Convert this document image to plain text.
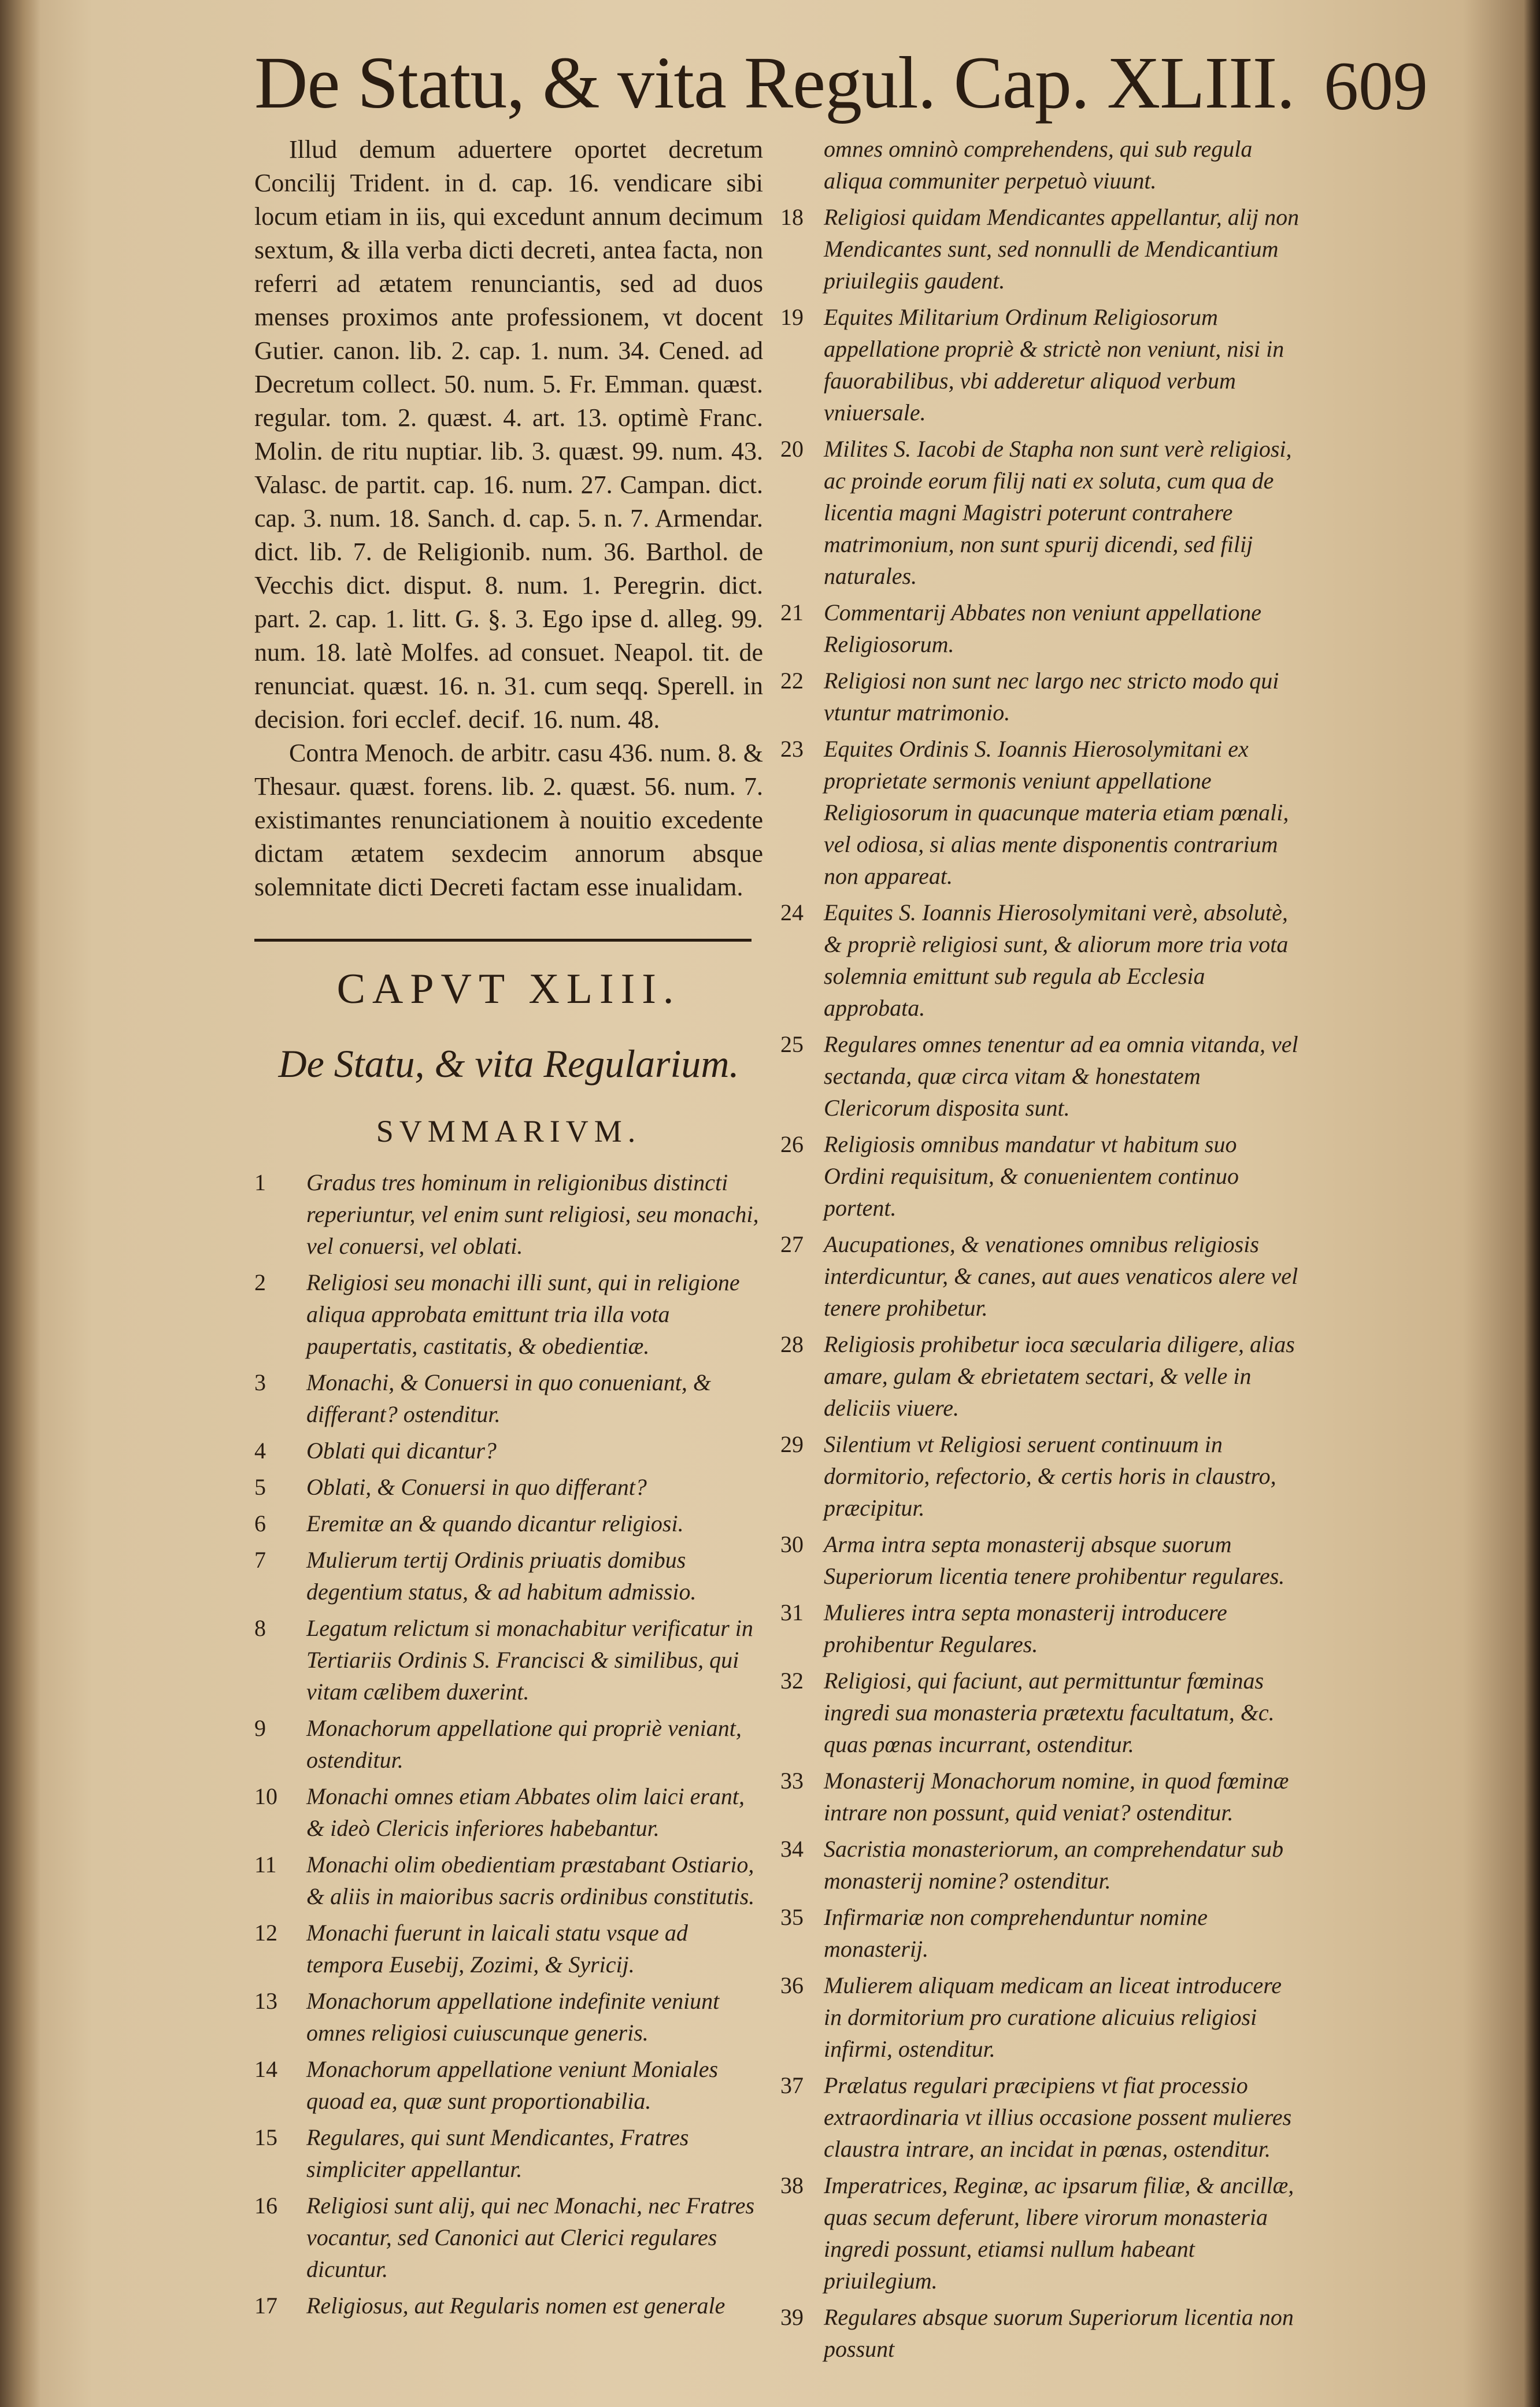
De Statu, & vita Regul. Cap. XLIII. 609

Illud demum aduertere oportet decretum Concilij Trident. in d. cap. 16. vendicare sibi locum etiam in iis, qui excedunt annum decimum sextum, & illa verba dicti decreti, antea facta, non referri ad ætatem renunciantis, sed ad duos menses proximos ante professionem, vt docent Gutier. canon. lib. 2. cap. 1. num. 34. Cened. ad Decretum collect. 50. num. 5. Fr. Emman. quæst. regular. tom. 2. quæst. 4. art. 13. optimè Franc. Molin. de ritu nuptiar. lib. 3. quæst. 99. num. 43. Valasc. de partit. cap. 16. num. 27. Campan. dict. cap. 3. num. 18. Sanch. d. cap. 5. n. 7. Armendar. dict. lib. 7. de Religionib. num. 36. Barthol. de Vecchis dict. disput. 8. num. 1. Peregrin. dict. part. 2. cap. 1. litt. G. §. 3. Ego ipse d. alleg. 99. num. 18. latè Molfes. ad consuet. Neapol. tit. de renunciat. quæst. 16. n. 31. cum seqq. Sperell. in decision. fori ecclef. decif. 16. num. 48.

Contra Menoch. de arbitr. casu 436. num. 8. & Thesaur. quæst. forens. lib. 2. quæst. 56. num. 7. existimantes renunciationem à nouitio excedente dictam ætatem sexdecim annorum absque solemnitate dicti Decreti factam esse inualidam.

CAPVT XLIII.
De Statu, & vita Regularium.
SVMMARIVM.
1	Gradus tres hominum in religionibus distincti reperiuntur, vel enim sunt religiosi, seu monachi, vel conuersi, vel oblati.
2	Religiosi seu monachi illi sunt, qui in religione aliqua approbata emittunt tria illa vota paupertatis, castitatis, & obedientiæ.
3	Monachi, & Conuersi in quo conueniant, & differant? ostenditur.
4	Oblati qui dicantur?
5	Oblati, & Conuersi in quo differant?
6	Eremitæ an & quando dicantur religiosi.
7	Mulierum tertij Ordinis priuatis domibus degentium status, & ad habitum admissio.
8	Legatum relictum si monachabitur verificatur in Tertiariis Ordinis S. Francisci & similibus, qui vitam cælibem duxerint.
9	Monachorum appellatione qui propriè veniant, ostenditur.
10	Monachi omnes etiam Abbates olim laici erant, & ideò Clericis inferiores habebantur.
11	Monachi olim obedientiam præstabant Ostiario, & aliis in maioribus sacris ordinibus constitutis.
12	Monachi fuerunt in laicali statu vsque ad tempora Eusebij, Zozimi, & Syricij.
13	Monachorum appellatione indefinite veniunt omnes religiosi cuiuscunque generis.
14	Monachorum appellatione veniunt Moniales quoad ea, quæ sunt proportionabilia.
15	Regulares, qui sunt Mendicantes, Fratres simpliciter appellantur.
16	Religiosi sunt alij, qui nec Monachi, nec Fratres vocantur, sed Canonici aut Clerici regulares dicuntur.
17	Religiosus, aut Regularis nomen est generale
omnes omninò comprehendens, qui sub regula aliqua communiter perpetuò viuunt.
18 Religiosi quidam Mendicantes appellantur, alij non Mendicantes sunt, sed nonnulli de Mendicantium priuilegiis gaudent.
19 Equites Militarium Ordinum Religiosorum appellatione propriè & strictè non veniunt, nisi in fauorabilibus, vbi adderetur aliquod verbum vniuersale.
20 Milites S. Iacobi de Stapha non sunt verè religiosi, ac proinde eorum filij nati ex soluta, cum qua de licentia magni Magistri poterunt contrahere matrimonium, non sunt spurij dicendi, sed filij naturales.
21 Commentarij Abbates non veniunt appellatione Religiosorum.
22 Religiosi non sunt nec largo nec stricto modo qui vtuntur matrimonio.
23 Equites Ordinis S. Ioannis Hierosolymitani ex proprietate sermonis veniunt appellatione Religiosorum in quacunque materia etiam pœnali, vel odiosa, si alias mente disponentis contrarium non appareat.
24 Equites S. Ioannis Hierosolymitani verè, absolutè, & propriè religiosi sunt, & aliorum more tria vota solemnia emittunt sub regula ab Ecclesia approbata.
25 Regulares omnes tenentur ad ea omnia vitanda, vel sectanda, quæ circa vitam & honestatem Clericorum disposita sunt.
26 Religiosis omnibus mandatur vt habitum suo Ordini requisitum, & conuenientem continuo portent.
27 Aucupationes, & venationes omnibus religiosis interdicuntur, & canes, aut aues venaticos alere vel tenere prohibetur.
28 Religiosis prohibetur ioca sæcularia diligere, alias amare, gulam & ebrietatem sectari, & velle in deliciis viuere.
29 Silentium vt Religiosi seruent continuum in dormitorio, refectorio, & certis horis in claustro, præcipitur.
30 Arma intra septa monasterij absque suorum Superiorum licentia tenere prohibentur regulares.
31 Mulieres intra septa monasterij introducere prohibentur Regulares.
32 Religiosi, qui faciunt, aut permittuntur fœminas ingredi sua monasteria prætextu facultatum, &c. quas pœnas incurrant, ostenditur.
33 Monasterij Monachorum nomine, in quod fœminæ intrare non possunt, quid veniat? ostenditur.
34 Sacristia monasteriorum, an comprehendatur sub monasterij nomine? ostenditur.
35 Infirmariæ non comprehenduntur nomine monasterij.
36 Mulierem aliquam medicam an liceat introducere in dormitorium pro curatione alicuius religiosi infirmi, ostenditur.
37 Prælatus regulari præcipiens vt fiat processio extraordinaria vt illius occasione possent mulieres claustra intrare, an incidat in pœnas, ostenditur.
38 Imperatrices, Reginæ, ac ipsarum filiæ, & ancillæ, quas secum deferunt, libere virorum monasteria ingredi possunt, etiamsi nullum habeant priuilegium.
39 Regulares absque suorum Superiorum licentia non possunt
